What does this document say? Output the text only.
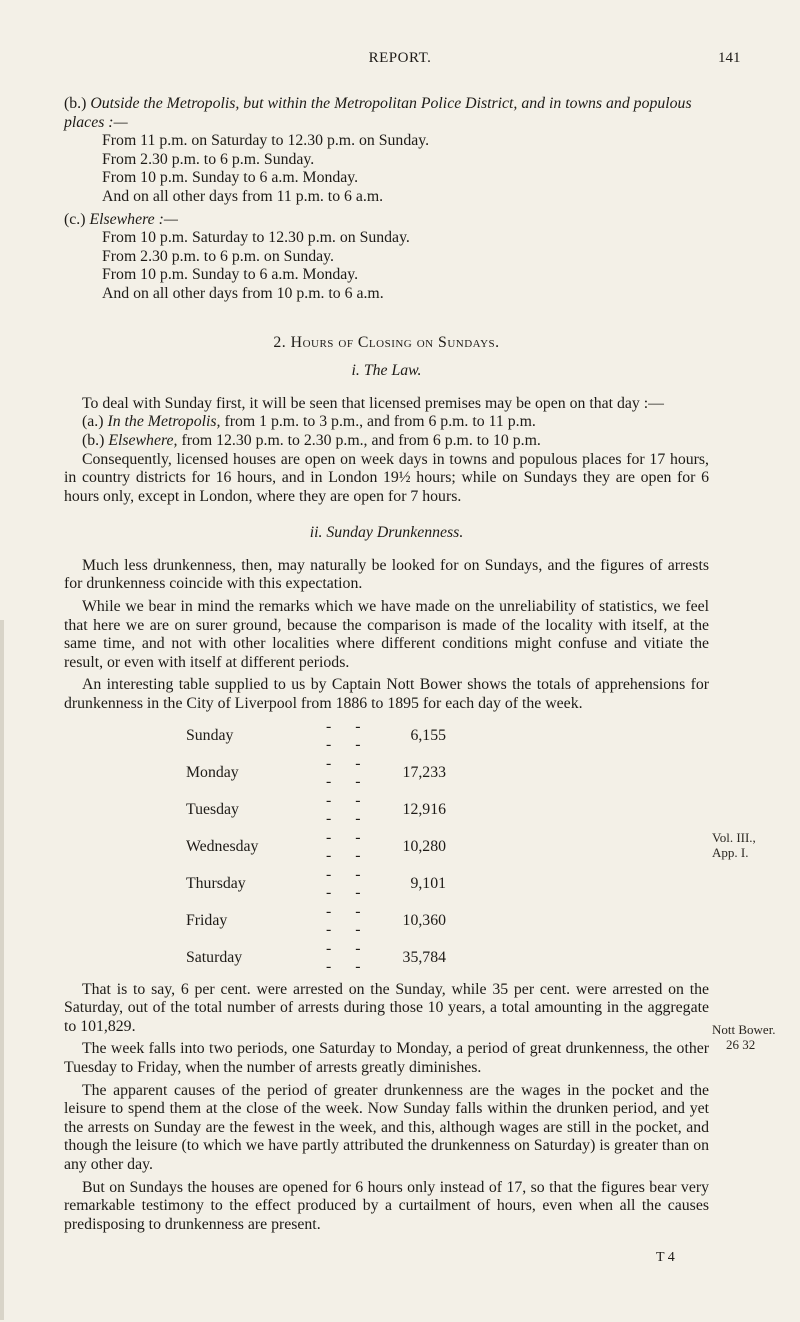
REPORT.	141

(b.) Outside the Metropolis, but within the Metropolitan Police District, and in towns and populous places :—

From 11 p.m. on Saturday to 12.30 p.m. on Sunday.

From 2.30 p.m. to 6 p.m. Sunday.

From 10 p.m. Sunday to 6 a.m. Monday.

And on all other days from 11 p.m. to 6 a.m.

(c.) Elsewhere :—

From 10 p.m. Saturday to 12.30 p.m. on Sunday.

From 2.30 p.m. to 6 p.m. on Sunday.

From 10 p.m. Sunday to 6 a.m. Monday.

And on all other days from 10 p.m. to 6 a.m.

2. Hours of Closing on Sundays.

i. The Law.

To deal with Sunday first, it will be seen that licensed premises may be open on that day :—

(a.) In the Metropolis, from 1 p.m. to 3 p.m., and from 6 p.m. to 11 p.m.

(b.) Elsewhere, from 12.30 p.m. to 2.30 p.m., and from 6 p.m. to 10 p.m.

Consequently, licensed houses are open on week days in towns and populous places for 17 hours, in country districts for 16 hours, and in London 19½ hours; while on Sundays they are open for 6 hours only, except in London, where they are open for 7 hours.

ii. Sunday Drunkenness.

Much less drunkenness, then, may naturally be looked for on Sundays, and the figures of arrests for drunkenness coincide with this expectation.

While we bear in mind the remarks which we have made on the unreliability of statistics, we feel that here we are on surer ground, because the comparison is made of the locality with itself, at the same time, and not with other localities where different conditions might confuse and vitiate the result, or even with itself at different periods.

An interesting table supplied to us by Captain Nott Bower shows the totals of apprehensions for drunkenness in the City of Liverpool from 1886 to 1895 for each day of the week.

Sunday	- - - -	6,155
Monday	- - - -	17,233
Tuesday	- - - -	12,916
Wednesday	- - - -	10,280
Thursday	- - - -	9,101
Friday	- - - -	10,360
Saturday	- - - -	35,784

That is to say, 6 per cent. were arrested on the Sunday, while 35 per cent. were arrested on the Saturday, out of the total number of arrests during those 10 years, a total amounting in the aggregate to 101,829.

The week falls into two periods, one Saturday to Monday, a period of great drunkenness, the other Tuesday to Friday, when the number of arrests greatly diminishes.

The apparent causes of the period of greater drunkenness are the wages in the pocket and the leisure to spend them at the close of the week. Now Sunday falls within the drunken period, and yet the arrests on Sunday are the fewest in the week, and this, although wages are still in the pocket, and though the leisure (to which we have partly attributed the drunkenness on Saturday) is greater than on any other day.

But on Sundays the houses are opened for 6 hours only instead of 17, so that the figures bear very remarkable testimony to the effect produced by a curtailment of hours, even when all the causes predisposing to drunkenness are present.

Vol. III.,
App. I.
Nott Bower.
26 32
T 4
